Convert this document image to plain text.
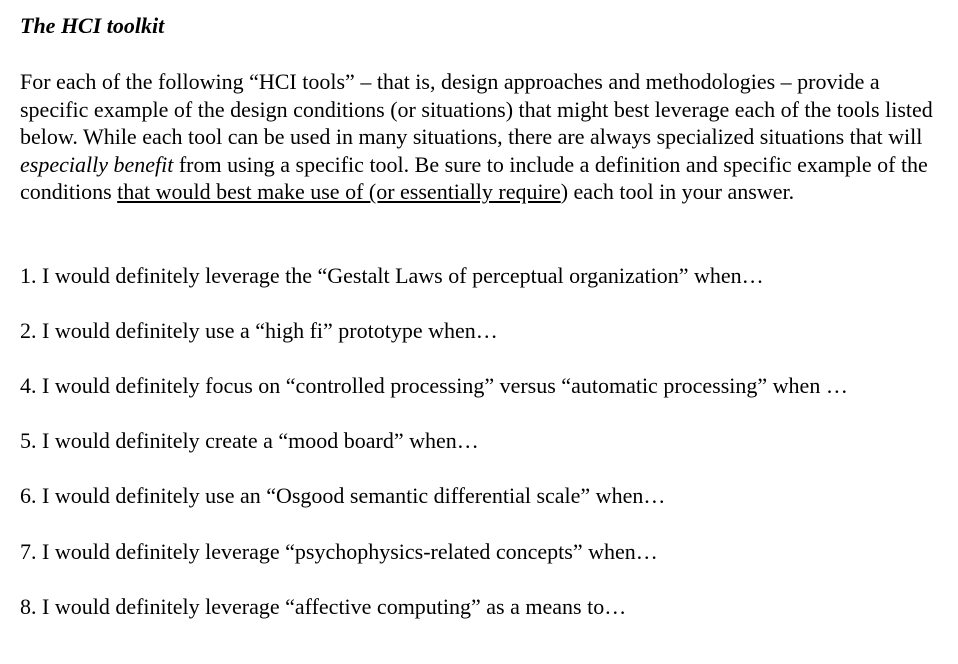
The HCI toolkit
For each of the following “HCI tools” – that is, design approaches and methodologies – provide a specific example of the design conditions (or situations) that might best leverage each of the tools listed below. While each tool can be used in many situations, there are always specialized situations that will especially benefit from using a specific tool. Be sure to include a definition and specific example of the conditions that would best make use of (or essentially require) each tool in your answer.
1. I would definitely leverage the “Gestalt Laws of perceptual organization” when…
2. I would definitely use a “high fi” prototype when…
4. I would definitely focus on “controlled processing” versus “automatic processing” when …
5. I would definitely create a “mood board” when…
6. I would definitely use an “Osgood semantic differential scale” when…
7. I would definitely leverage “psychophysics-related concepts” when…
8. I would definitely leverage “affective computing” as a means to…
